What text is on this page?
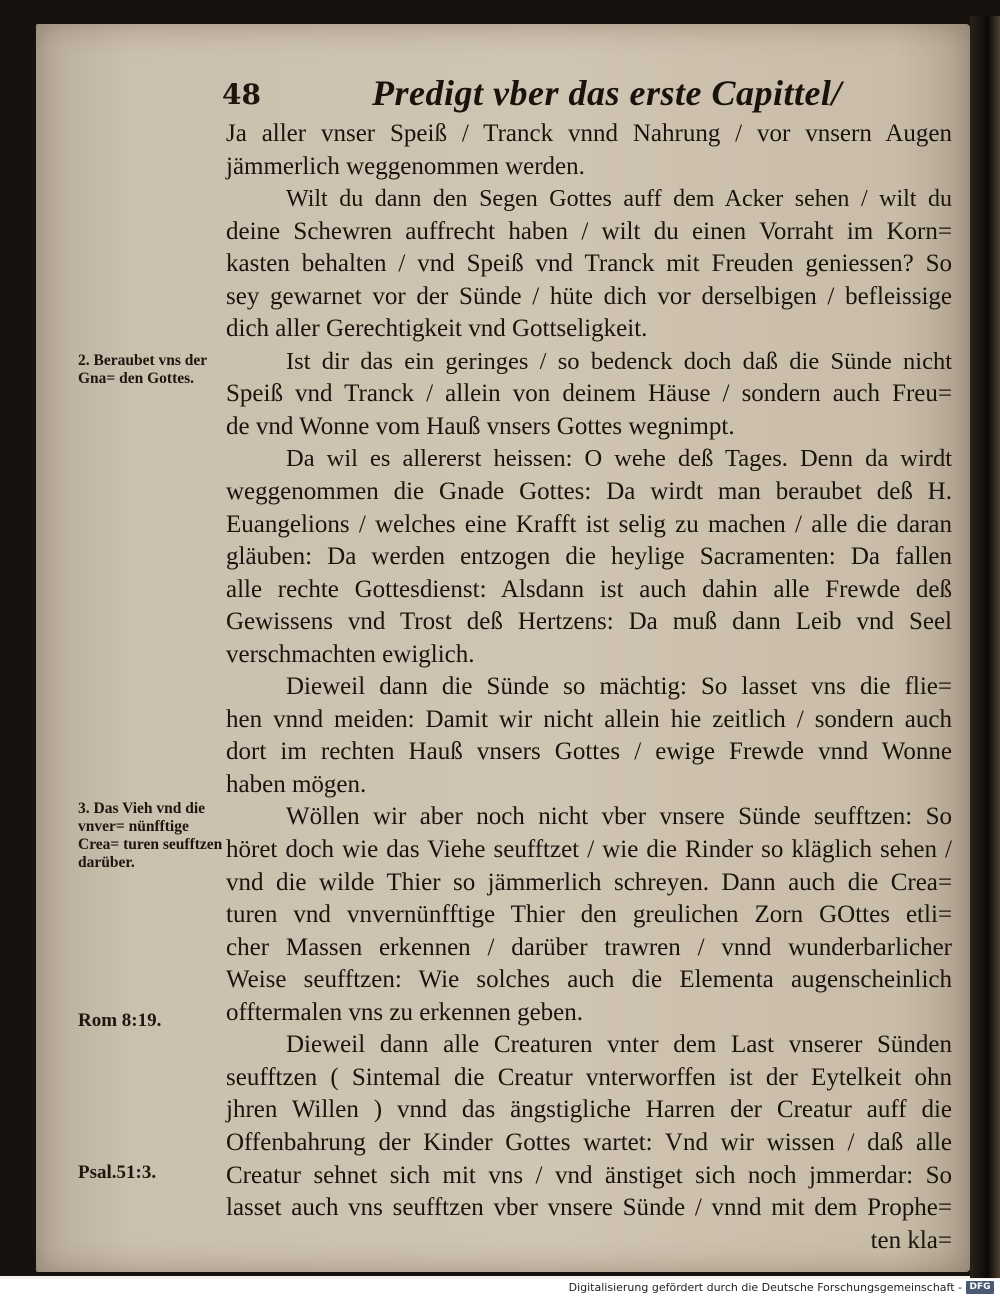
48	Predigt vber das erste Capittel/
Ja aller vnser Speiß / Tranck vnnd Nahrung / vor vnsern Augen
jämmerlich weggenommen werden.
Wilt du dann den Segen Gottes auff dem Acker sehen / wilt du
deine Schewren auffrecht haben / wilt du einen Vorraht im Korn=
kasten behalten / vnd Speiß vnd Tranck mit Freuden geniessen? So
sey gewarnet vor der Sünde / hüte dich vor derselbigen / befleissige
dich aller Gerechtigkeit vnd Gottseligkeit.
Ist dir das ein geringes / so bedenck doch daß die Sünde nicht
Speiß vnd Tranck / allein von deinem Häuse / sondern auch Freu=
de vnd Wonne vom Hauß vnsers Gottes wegnimpt.
Da wil es allererst heissen: O wehe deß Tages. Denn da wirdt
weggenommen die Gnade Gottes: Da wirdt man beraubet deß H.
Euangelions / welches eine Krafft ist selig zu machen / alle die daran
gläuben: Da werden entzogen die heylige Sacramenten: Da fallen
alle rechte Gottesdienst: Alsdann ist auch dahin alle Frewde deß
Gewissens vnd Trost deß Hertzens: Da muß dann Leib vnd Seel
verschmachten ewiglich.
Dieweil dann die Sünde so mächtig: So lasset vns die flie=
hen vnnd meiden: Damit wir nicht allein hie zeitlich / sondern auch
dort im rechten Hauß vnsers Gottes / ewige Frewde vnnd Wonne
haben mögen.
Wöllen wir aber noch nicht vber vnsere Sünde seufftzen: So
höret doch wie das Viehe seufftzet / wie die Rinder so kläglich sehen /
vnd die wilde Thier so jämmerlich schreyen. Dann auch die Crea=
turen vnd vnvernünfftige Thier den greulichen Zorn GOttes etli=
cher Massen erkennen / darüber trawren / vnnd wunderbarlicher
Weise seufftzen: Wie solches auch die Elementa augenscheinlich
offtermalen vns zu erkennen geben.
Dieweil dann alle Creaturen vnter dem Last vnserer Sünden
seufftzen ( Sintemal die Creatur vnterworffen ist der Eytelkeit ohn
jhren Willen ) vnnd das ängstigliche Harren der Creatur auff die
Offenbahrung der Kinder Gottes wartet: Vnd wir wissen / daß alle
Creatur sehnet sich mit vns / vnd änstiget sich noch jmmerdar: So
lasset auch vns seufftzen vber vnsere Sünde / vnnd mit dem Prophe=
ten kla=
2. Beraubet vns der Gna= den Gottes.
3. Das Vieh vnd die vnver= nünfftige Crea= turen seufftzen darüber.
Rom 8:19.
Psal.51:3.
Digitalisierung gefördert durch die Deutsche Forschungsgemeinschaft - DFG
